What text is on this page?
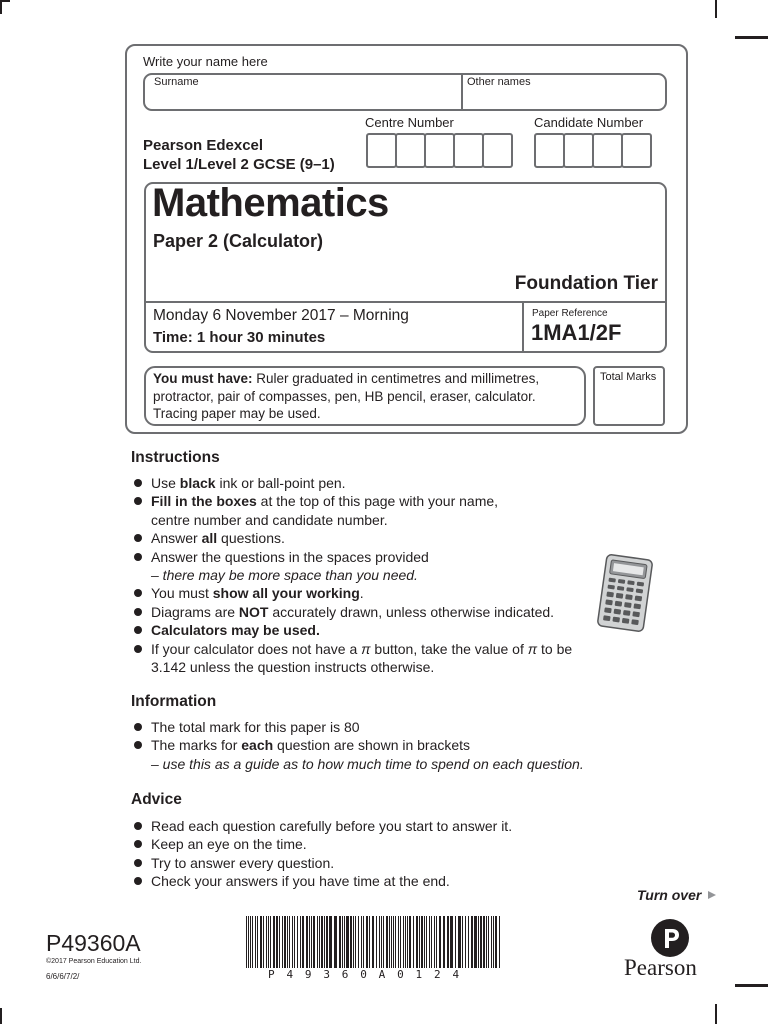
Write your name here
Surname	Other names
Centre Number	Candidate Number
Pearson Edexcel
Level 1/Level 2 GCSE (9–1)
Mathematics
Paper 2 (Calculator)
Foundation Tier
Monday 6 November 2017 – Morning
Time: 1 hour 30 minutes
Paper Reference
1MA1/2F
You must have: Ruler graduated in centimetres and millimetres,
protractor, pair of compasses, pen, HB pencil, eraser, calculator.
Tracing paper may be used.
Total Marks
Instructions
Use black ink or ball-point pen.
Fill in the boxes at the top of this page with your name,
centre number and candidate number.
Answer all questions.
Answer the questions in the spaces provided
– there may be more space than you need.
You must show all your working.
Diagrams are NOT accurately drawn, unless otherwise indicated.
Calculators may be used.
If your calculator does not have a π button, take the value of π to be
3.142 unless the question instructs otherwise.
Information
The total mark for this paper is 80
The marks for each question are shown in brackets
– use this as a guide as to how much time to spend on each question.
Advice
Read each question carefully before you start to answer it.
Keep an eye on the time.
Try to answer every question.
Check your answers if you have time at the end.
Turn over
P49360A
©2017 Pearson Education Ltd.
6/6/6/7/2/	P 4 9 3 6 0 A 0 1 2 4	Pearson
